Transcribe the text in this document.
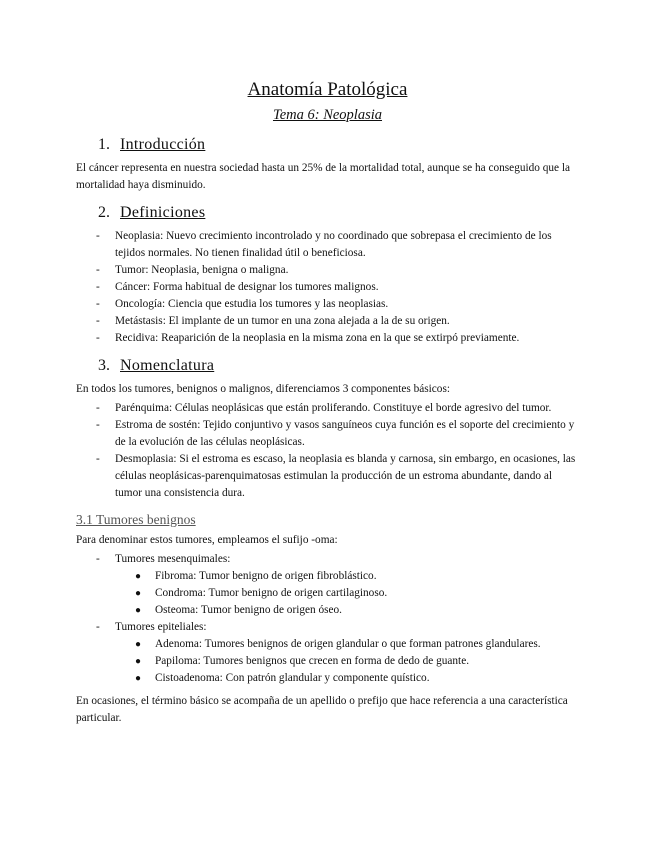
Anatomía Patológica
Tema 6: Neoplasia
1. Introducción

El cáncer representa en nuestra sociedad hasta un 25% de la mortalidad total, aunque se ha conseguido que la mortalidad haya disminuido.

2. Definiciones
- Neoplasia: Nuevo crecimiento incontrolado y no coordinado que sobrepasa el crecimiento de los tejidos normales. No tienen finalidad útil o beneficiosa.
- Tumor: Neoplasia, benigna o maligna.
- Cáncer: Forma habitual de designar los tumores malignos.
- Oncología: Ciencia que estudia los tumores y las neoplasias.
- Metástasis: El implante de un tumor en una zona alejada a la de su origen.
- Recidiva: Reaparición de la neoplasia en la misma zona en la que se extirpó previamente.
3. Nomenclatura

En todos los tumores, benignos o malignos, diferenciamos 3 componentes básicos:

- Parénquima: Células neoplásicas que están proliferando. Constituye el borde agresivo del tumor.
- Estroma de sostén: Tejido conjuntivo y vasos sanguíneos cuya función es el soporte del crecimiento y de la evolución de las células neoplásicas.
- Desmoplasia: Si el estroma es escaso, la neoplasia es blanda y carnosa, sin embargo, en ocasiones, las células neoplásicas-parenquimatosas estimulan la producción de un estroma abundante, dando al tumor una consistencia dura.
3.1 Tumores benignos

Para denominar estos tumores, empleamos el sufijo -oma:

- Tumores mesenquimales:
● Fibroma: Tumor benigno de origen fibroblástico.
● Condroma: Tumor benigno de origen cartilaginoso.
● Osteoma: Tumor benigno de origen óseo.
- Tumores epiteliales:
● Adenoma: Tumores benignos de origen glandular o que forman patrones glandulares.
● Papiloma: Tumores benignos que crecen en forma de dedo de guante.
● Cistoadenoma: Con patrón glandular y componente quístico.

En ocasiones, el término básico se acompaña de un apellido o prefijo que hace referencia a una característica particular.
